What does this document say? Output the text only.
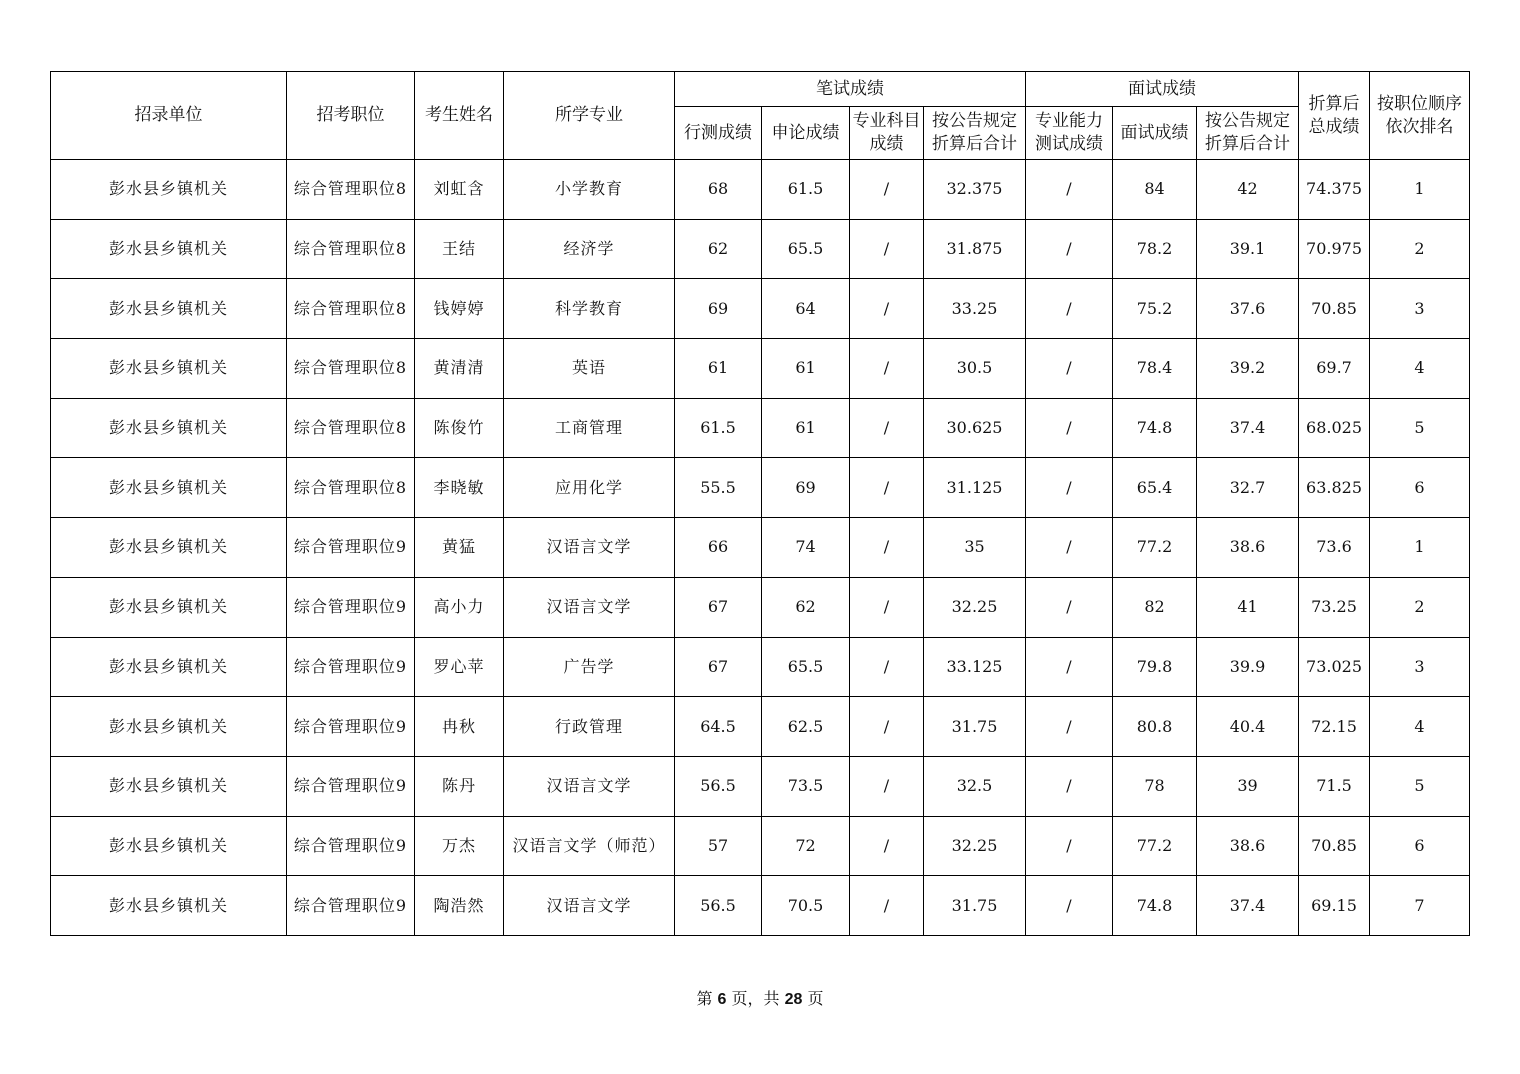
招录单位	招考职位	考生姓名	所学专业	笔试成绩				面试成绩			折算后总成绩	按职位顺序依次排名
				行测成绩	申论成绩	专业科目成绩	按公告规定折算后合计	专业能力测试成绩	面试成绩	按公告规定折算后合计		
彭水县乡镇机关	综合管理职位8	刘虹含	小学教育	68	61.5	/	32.375	/	84	42	74.375	1
彭水县乡镇机关	综合管理职位8	王结	经济学	62	65.5	/	31.875	/	78.2	39.1	70.975	2
彭水县乡镇机关	综合管理职位8	钱婷婷	科学教育	69	64	/	33.25	/	75.2	37.6	70.85	3
彭水县乡镇机关	综合管理职位8	黄清清	英语	61	61	/	30.5	/	78.4	39.2	69.7	4
彭水县乡镇机关	综合管理职位8	陈俊竹	工商管理	61.5	61	/	30.625	/	74.8	37.4	68.025	5
彭水县乡镇机关	综合管理职位8	李晓敏	应用化学	55.5	69	/	31.125	/	65.4	32.7	63.825	6
彭水县乡镇机关	综合管理职位9	黄猛	汉语言文学	66	74	/	35	/	77.2	38.6	73.6	1
彭水县乡镇机关	综合管理职位9	高小力	汉语言文学	67	62	/	32.25	/	82	41	73.25	2
彭水县乡镇机关	综合管理职位9	罗心苹	广告学	67	65.5	/	33.125	/	79.8	39.9	73.025	3
彭水县乡镇机关	综合管理职位9	冉秋	行政管理	64.5	62.5	/	31.75	/	80.8	40.4	72.15	4
彭水县乡镇机关	综合管理职位9	陈丹	汉语言文学	56.5	73.5	/	32.5	/	78	39	71.5	5
彭水县乡镇机关	综合管理职位9	万杰	汉语言文学（师范）	57	72	/	32.25	/	77.2	38.6	70.85	6
彭水县乡镇机关	综合管理职位9	陶浩然	汉语言文学	56.5	70.5	/	31.75	/	74.8	37.4	69.15	7
第 6 页，共 28 页
